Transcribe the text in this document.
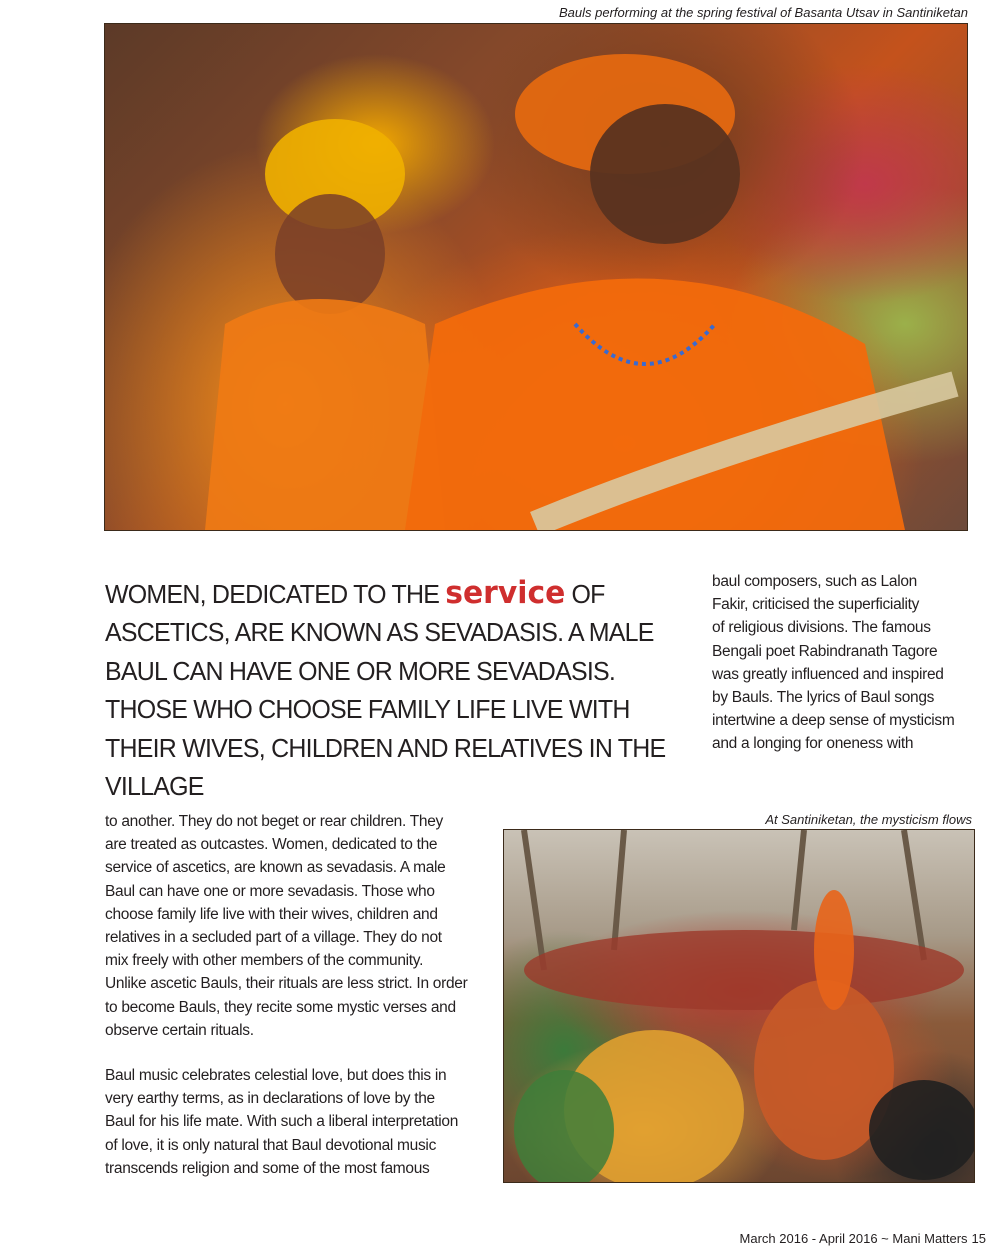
Bauls performing at the spring festival of Basanta Utsav in Santiniketan
WOMEN, DEDICATED TO THE service OF ASCETICS, ARE KNOWN AS SEVADASIS. A MALE BAUL CAN HAVE ONE OR MORE SEVADASIS. THOSE WHO CHOOSE FAMILY LIFE LIVE WITH THEIR WIVES, CHILDREN AND RELATIVES IN THE VILLAGE
baul composers, such as Lalon
Fakir, criticised the superficiality
of religious divisions. The famous
Bengali poet Rabindranath Tagore
was greatly influenced and inspired
by Bauls. The lyrics of Baul songs
intertwine a deep sense of mysticism
and a longing for oneness with
to another. They do not beget or rear children. They
are treated as outcastes. Women, dedicated to the
service of ascetics, are known as sevadasis. A male
Baul can have one or more sevadasis. Those who
choose family life live with their wives, children and
relatives in a secluded part of a village. They do not
mix freely with other members of the community.
Unlike ascetic Bauls, their rituals are less strict. In order
to become Bauls, they recite some mystic verses and
observe certain rituals.
Baul music celebrates celestial love, but does this in
very earthy terms, as in declarations of love by the
Baul for his life mate. With such a liberal interpretation
of love, it is only natural that Baul devotional music
transcends religion and some of the most famous
At Santiniketan, the mysticism flows
March 2016 - April 2016 ~ Mani Matters 15
